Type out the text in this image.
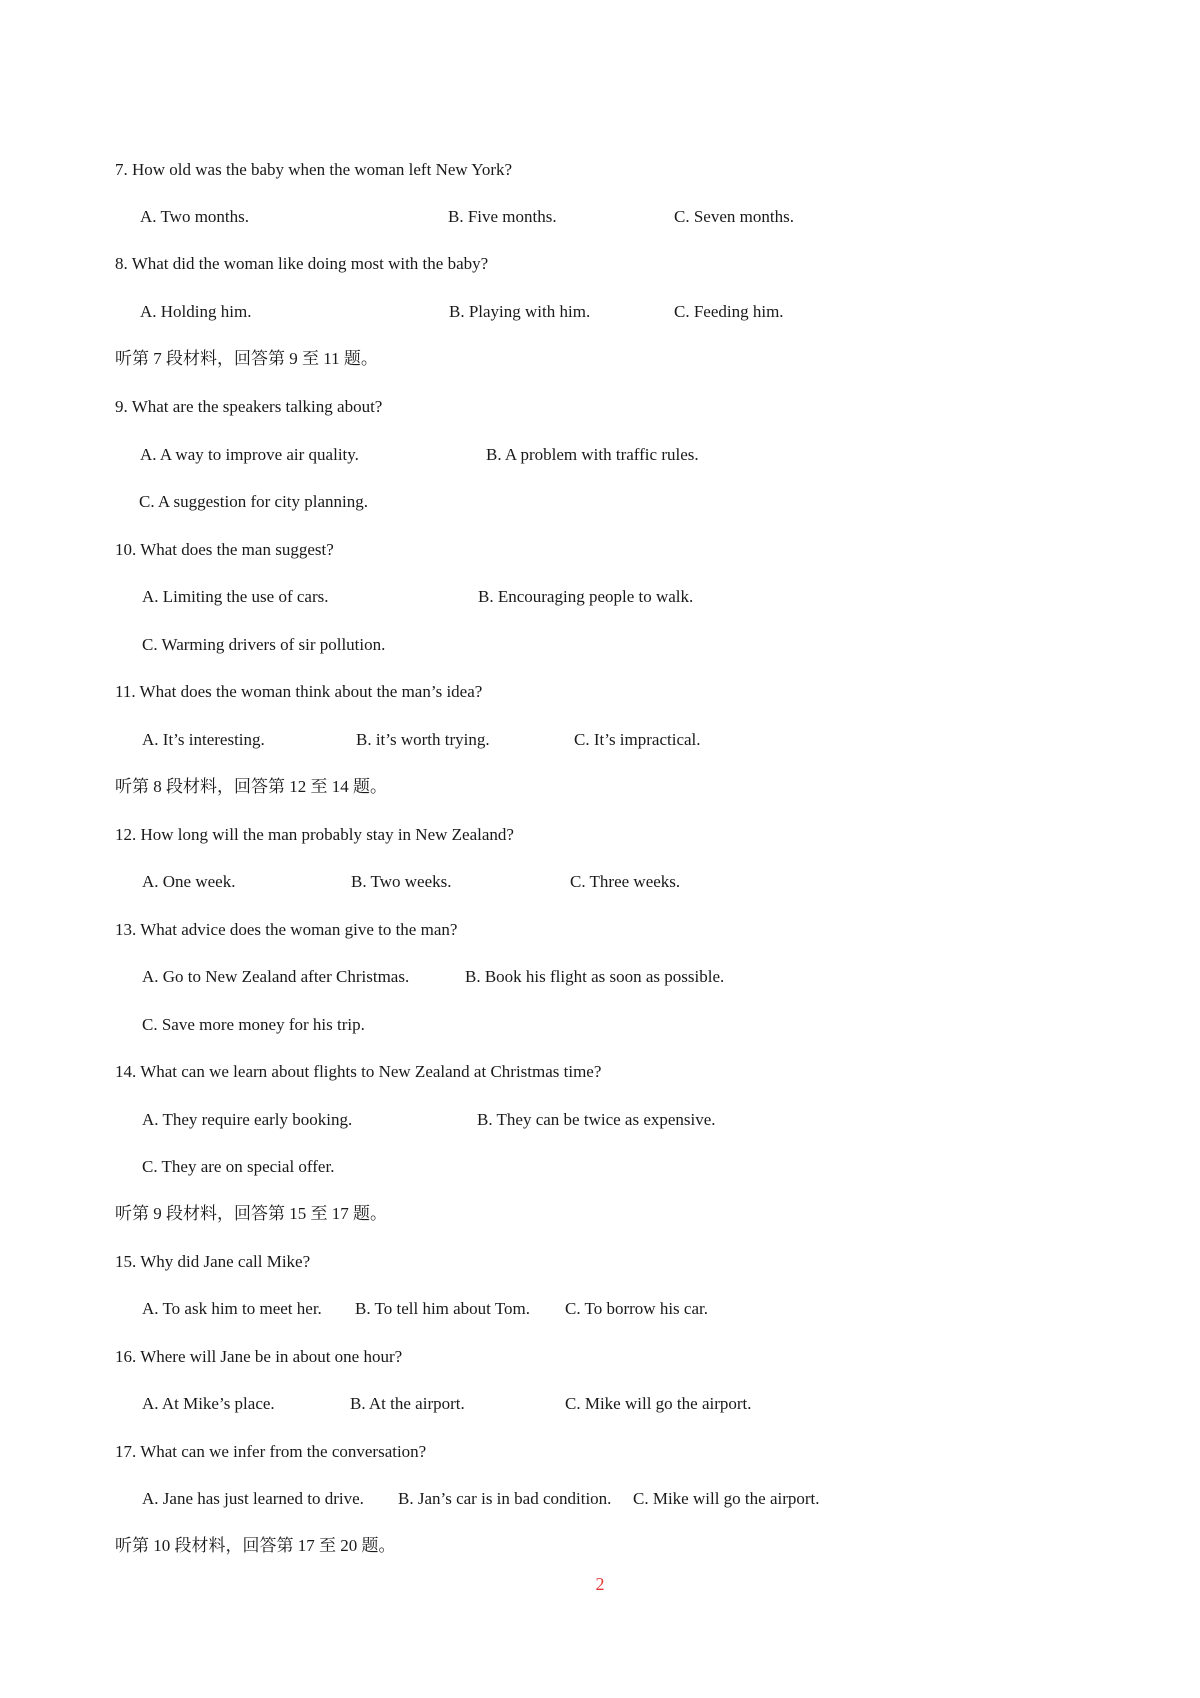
7. How old was the baby when the woman left New York?
A. Two months.	B. Five months.	C. Seven months.
8. What did the woman like doing most with the baby?
A. Holding him.	B. Playing with him.	C. Feeding him.
听第 7 段材料，回答第 9 至 11 题。
9. What are the speakers talking about?
A. A way to improve air quality.	B. A problem with traffic rules.
C. A suggestion for city planning.
10. What does the man suggest?
A. Limiting the use of cars.	B. Encouraging people to walk.
C. Warming drivers of sir pollution.
11. What does the woman think about the man’s idea?
A. It’s interesting.	B. it’s worth trying.	C. It’s impractical.
听第 8 段材料，回答第 12 至 14 题。
12. How long will the man probably stay in New Zealand?
A. One week.	B. Two weeks.	C. Three weeks.
13. What advice does the woman give to the man?
A. Go to New Zealand after Christmas.	B. Book his flight as soon as possible.
C. Save more money for his trip.
14. What can we learn about flights to New Zealand at Christmas time?
A. They require early booking.	B. They can be twice as expensive.
C. They are on special offer.
听第 9 段材料，回答第 15 至 17 题。
15. Why did Jane call Mike?
A. To ask him to meet her. B. To tell him about Tom. C. To borrow his car.
16. Where will Jane be in about one hour?
A. At Mike’s place.	B. At the airport.	C. Mike will go the airport.
17. What can we infer from the conversation?
A. Jane has just learned to drive. B. Jan’s car is in bad condition. C. Mike will go the airport.
听第 10 段材料，回答第 17 至 20 题。
2
